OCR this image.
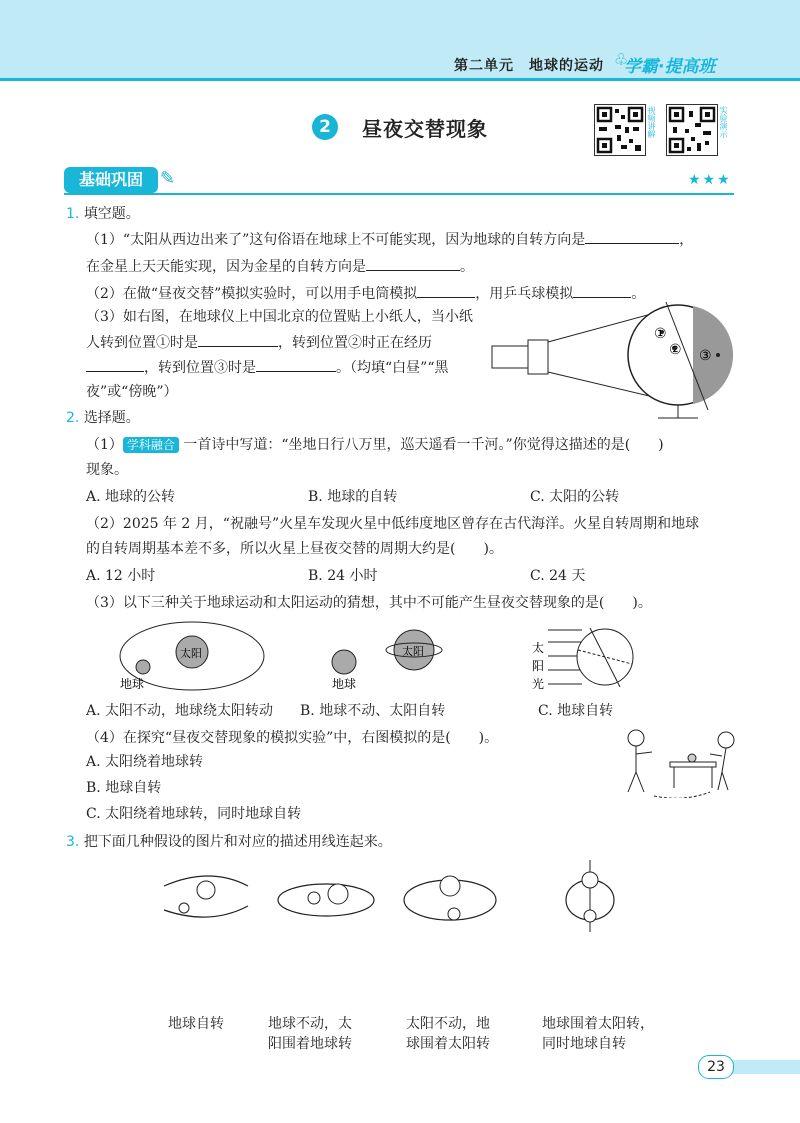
第二单元　地球的运动 ♧
学霸·提高班
2	昼夜交替现象	视频讲解	实验演示
基础巩固 ✎	★★★
1. 填空题。
（1）“太阳从西边出来了”这句俗语在地球上不可能实现，因为地球的自转方向是	，
在金星上天天能实现，因为金星的自转方向是	。
（2）在做“昼夜交替”模拟实验时，可以用手电筒模拟	，用乒乓球模拟	。
（3）如右图，在地球仪上中国北京的位置贴上小纸人，当小纸
人转到位置①时是	，转到位置②时正在经历
，转到位置③时是	。（均填“白昼”“黑
夜”或“傍晚”）
①
② ③
2. 选择题。
（1） 学科融合 一首诗中写道：“坐地日行八万里，巡天遥看一千河。”你觉得这描述的是(　　)
现象。
A. 地球的公转	B. 地球的自转	C. 太阳的公转
（2）2025 年 2 月，“祝融号”火星车发现火星中低纬度地区曾存在古代海洋。火星自转周期和地球
的自转周期基本差不多，所以火星上昼夜交替的周期大约是(　　)。
A. 12 小时	B. 24 小时	C. 24 天
（3）以下三种关于地球运动和太阳运动的猜想，其中不可能产生昼夜交替现象的是(　　)。
太阳
地球	地球
太阳	太
阳
光
A. 太阳不动，地球绕太阳转动 B. 地球不动、太阳自转	C. 地球自转
（4）在探究“昼夜交替现象的模拟实验”中，右图模拟的是(　　)。
A. 太阳绕着地球转
B. 地球自转
C. 太阳绕着地球转，同时地球自转
3. 把下面几种假设的图片和对应的描述用线连起来。
地球自转	地球不动，太
阳围着地球转
太阳不动，地
球围着太阳转
地球围着太阳转，
同时地球自转
23
